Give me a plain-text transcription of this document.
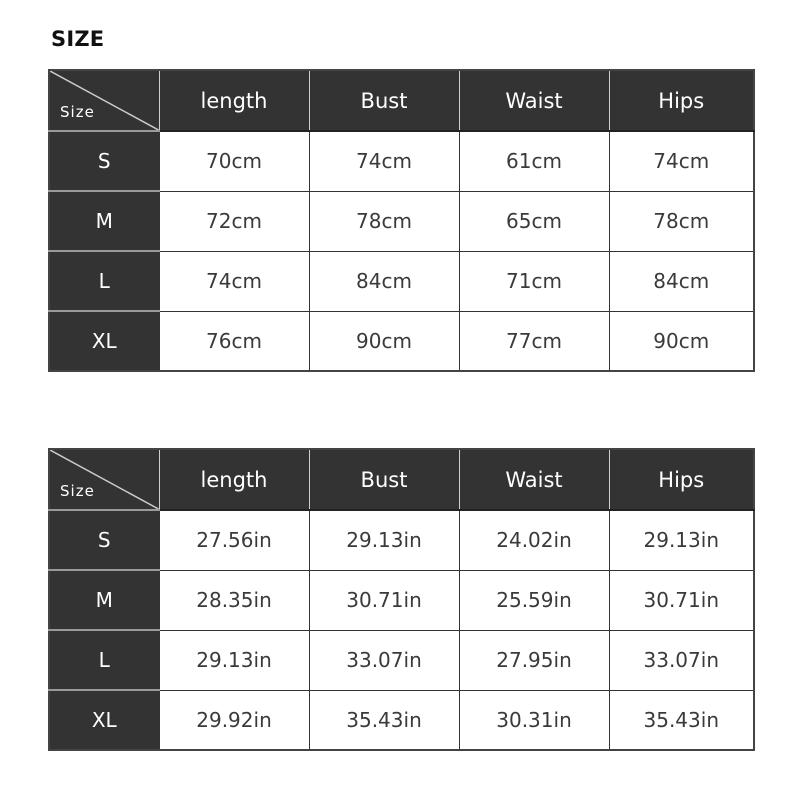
SIZE
Size	length	Bust	Waist	Hips
S	70cm	74cm	61cm	74cm
M	72cm	78cm	65cm	78cm
L	74cm	84cm	71cm	84cm
XL	76cm	90cm	77cm	90cm
Size	length	Bust	Waist	Hips
S	27.56in	29.13in	24.02in	29.13in
M	28.35in	30.71in	25.59in	30.71in
L	29.13in	33.07in	27.95in	33.07in
XL	29.92in	35.43in	30.31in	35.43in
